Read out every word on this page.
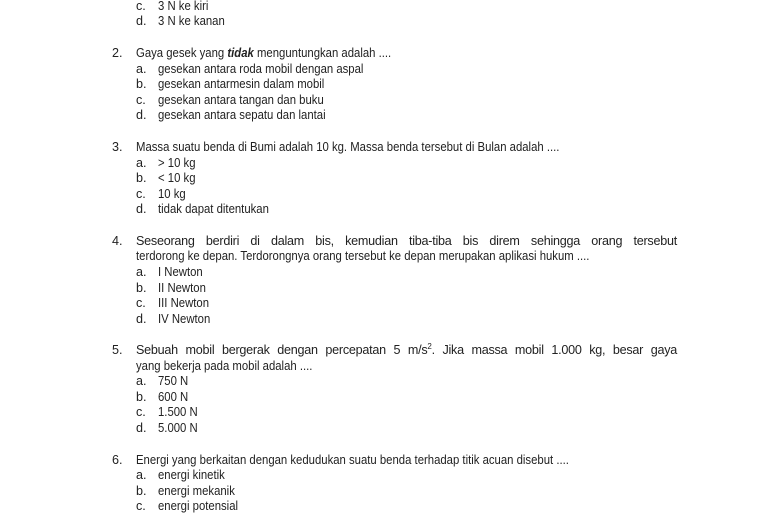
c. 3 N ke kiri
d. 3 N ke kanan
2. Gaya gesek yang tidak menguntungkan adalah ....
a. gesekan antara roda mobil dengan aspal
b. gesekan antarmesin dalam mobil
c. gesekan antara tangan dan buku
d. gesekan antara sepatu dan lantai
3. Massa suatu benda di Bumi adalah 10 kg. Massa benda tersebut di Bulan adalah ....
a. > 10 kg
b. < 10 kg
c. 10 kg
d. tidak dapat ditentukan
4. Seseorang berdiri di dalam bis, kemudian tiba-tiba bis direm sehingga orang tersebut
terdorong ke depan. Terdorongnya orang tersebut ke depan merupakan aplikasi hukum ....
a. I Newton
b. II Newton
c. III Newton
d. IV Newton
5. Sebuah mobil bergerak dengan percepatan 5 $m/s^2$. Jika massa mobil 1.000 kg, besar gaya
yang bekerja pada mobil adalah ....
a. 750 N
b. 600 N
c. 1.500 N
d. 5.000 N
6. Energi yang berkaitan dengan kedudukan suatu benda terhadap titik acuan disebut ....
a. energi kinetik
b. energi mekanik
c. energi potensial
